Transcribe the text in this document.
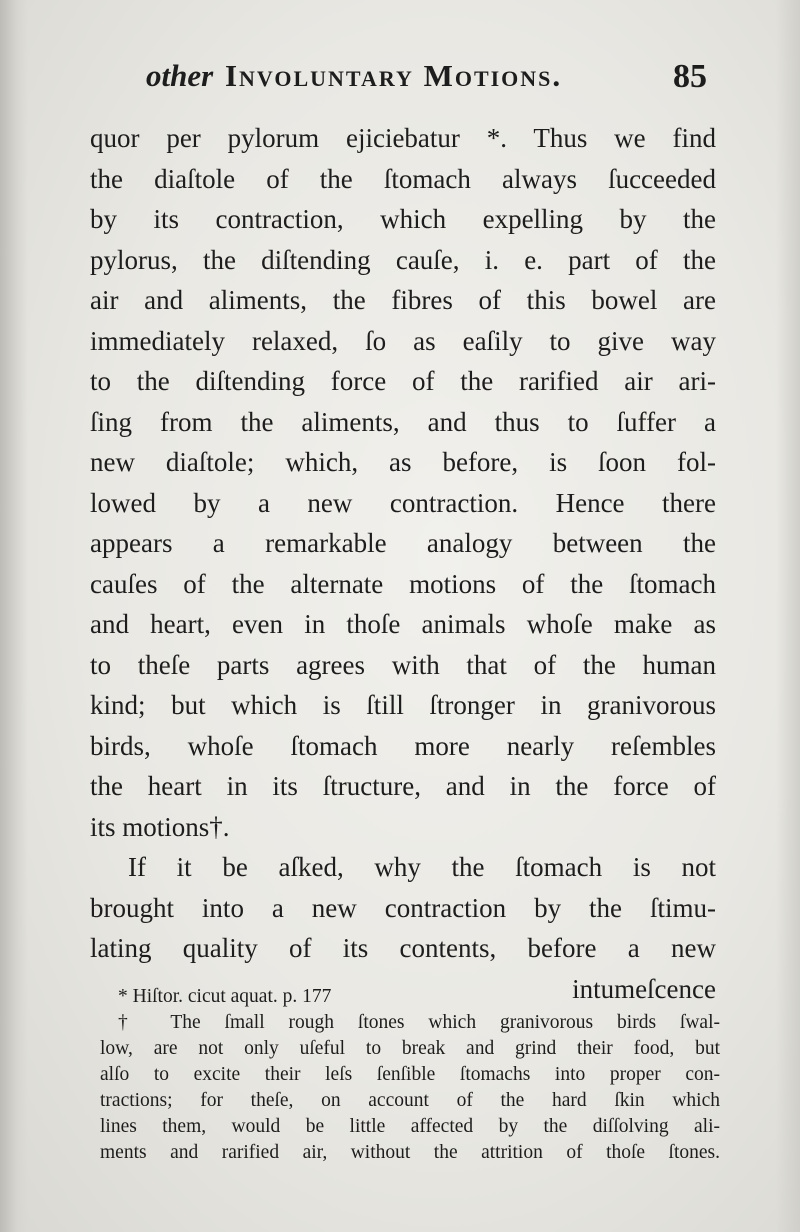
other Involuntary Motions.	85
quor per pylorum ejiciebatur *. Thus we find
the diaſtole of the ſtomach always ſucceeded
by its contraction, which expelling by the
pylorus, the diſtending cauſe, i. e. part of the
air and aliments, the fibres of this bowel are
immediately relaxed, ſo as eaſily to give way
to the diſtending force of the rarified air ari-
ſing from the aliments, and thus to ſuffer a
new diaſtole; which, as before, is ſoon fol-
lowed by a new contraction. Hence there
appears a remarkable analogy between the
cauſes of the alternate motions of the ſtomach
and heart, even in thoſe animals whoſe make as
to theſe parts agrees with that of the human
kind; but which is ſtill ſtronger in granivorous
birds, whoſe ſtomach more nearly reſembles
the heart in its ſtructure, and in the force of
its motions†.
If it be aſked, why the ſtomach is not
brought into a new contraction by the ſtimu-
lating quality of its contents, before a new
intumeſcence
* Hiſtor. cicut aquat. p. 177
† The ſmall rough ſtones which granivorous birds ſwal-
low, are not only uſeful to break and grind their food, but
alſo to excite their leſs ſenſible ſtomachs into proper con-
tractions; for theſe, on account of the hard ſkin which
lines them, would be little affected by the diſſolving ali-
ments and rarified air, without the attrition of thoſe ſtones.
